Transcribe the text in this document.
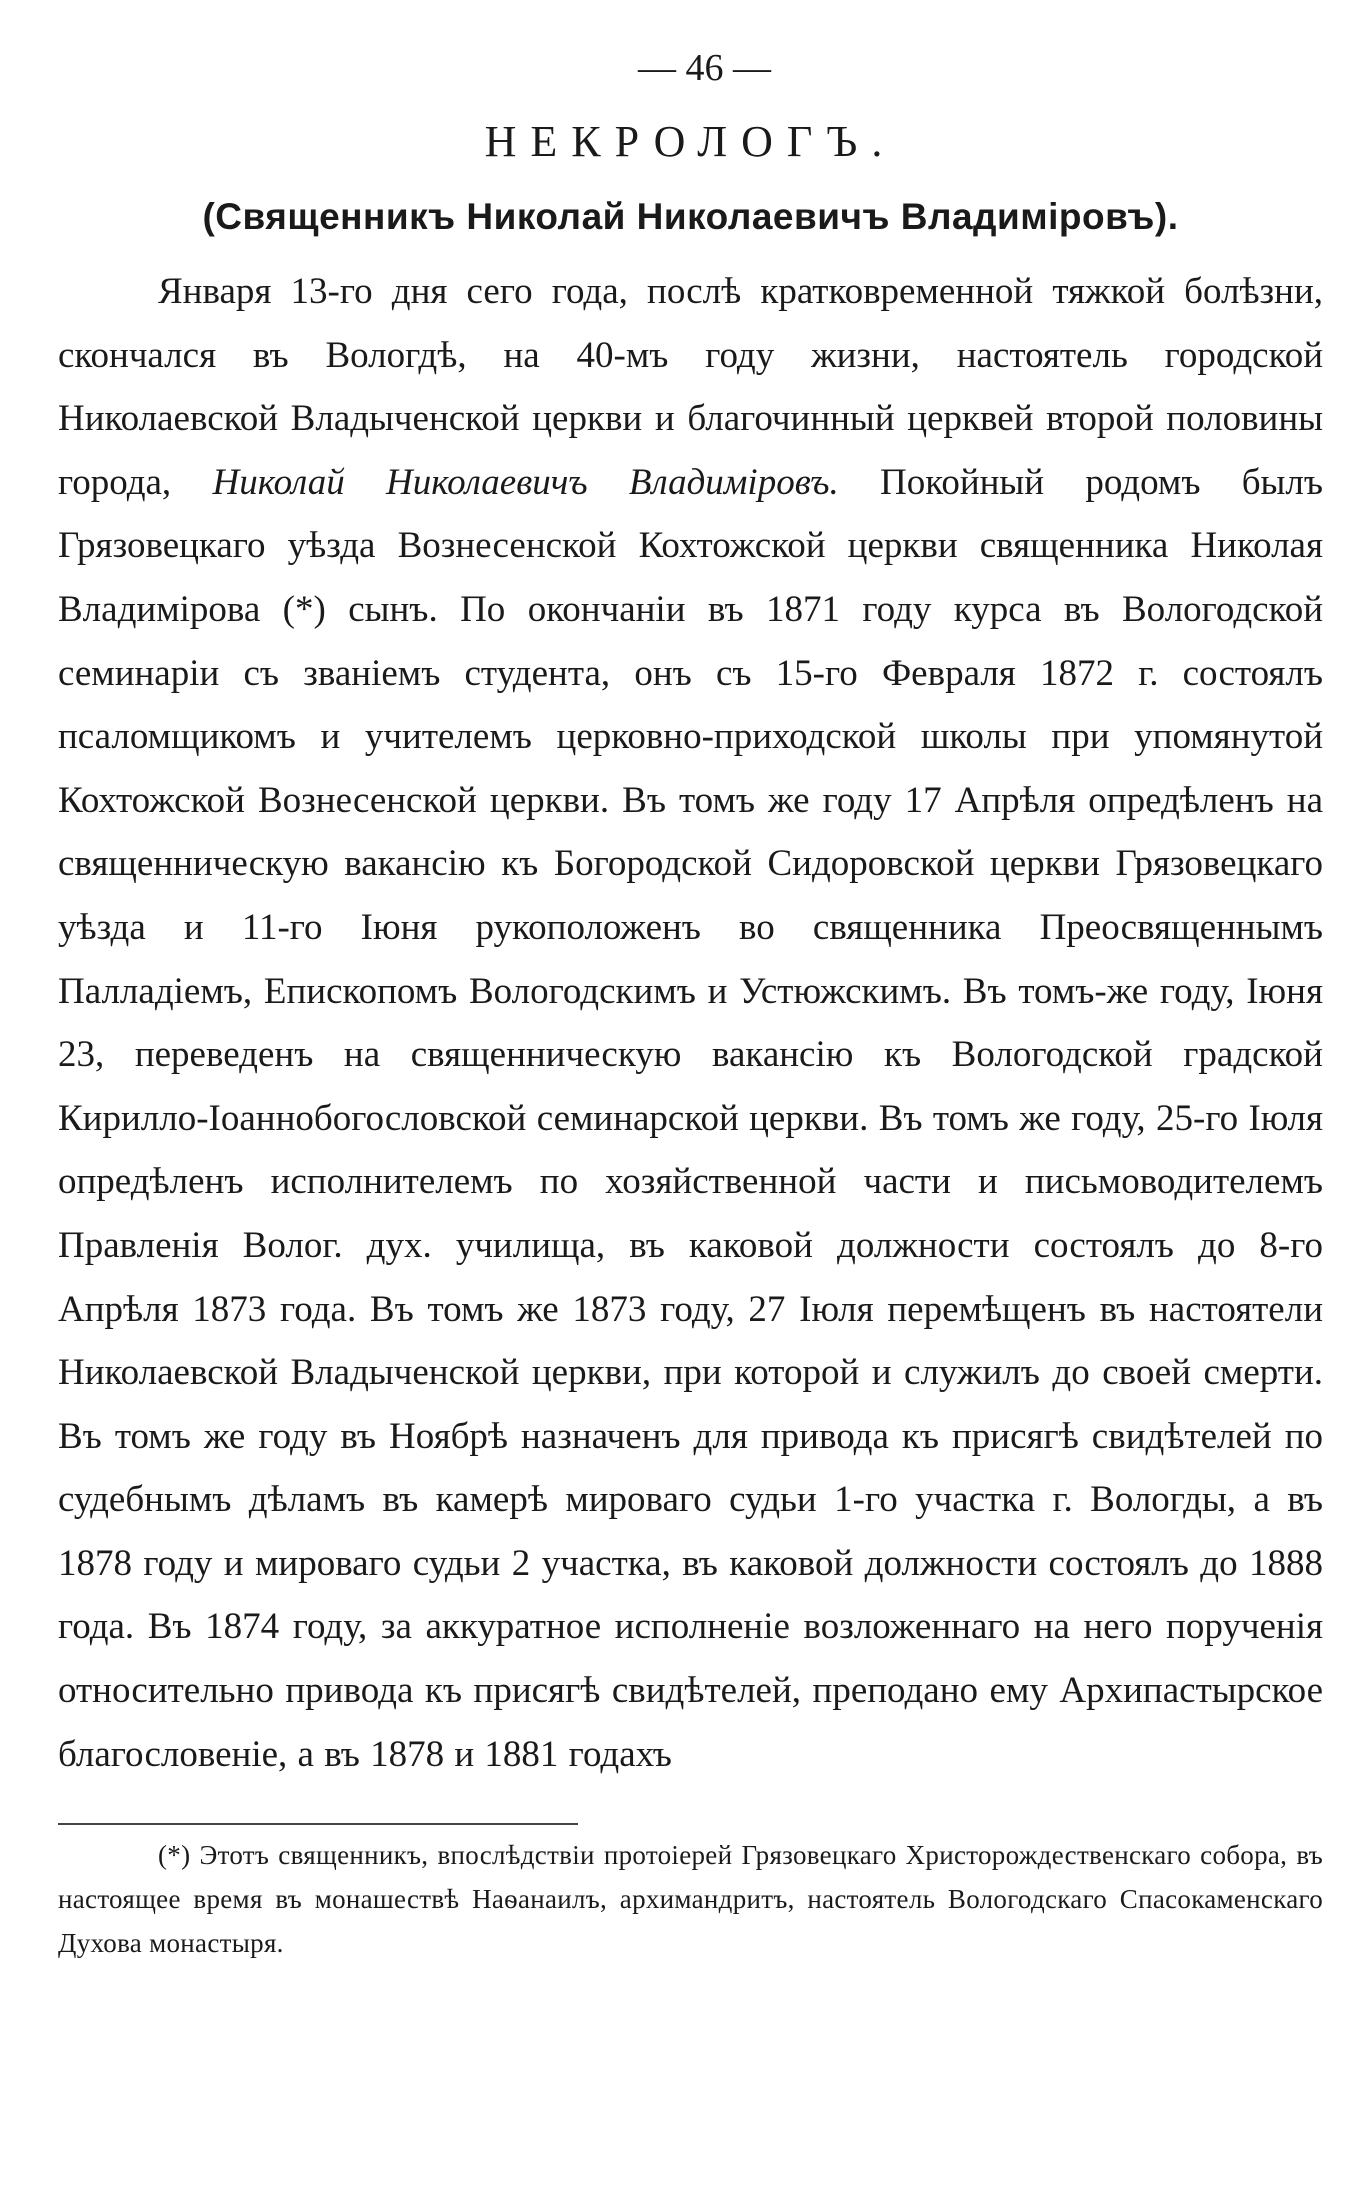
— 46 —
НЕКРОЛОГЪ.
(Священникъ Николай Николаевичъ Владиміровъ).

Января 13-го дня сего года, послѣ кратковременной тяжкой болѣзни, скончался въ Вологдѣ, на 40-мъ году жизни, настоятель городской Николаевской Владыченской церкви и благочинный церквей второй половины города, Николай Николаевичъ Владиміровъ. Покойный родомъ былъ Грязовецкаго уѣзда Вознесенской Кохтожской церкви священника Николая Владимірова (*) сынъ. По окончаніи въ 1871 году курса въ Вологодской семинаріи съ званіемъ студента, онъ съ 15-го Февраля 1872 г. состоялъ псаломщикомъ и учителемъ церковно-приходской школы при упомянутой Кохтожской Вознесенской церкви. Въ томъ же году 17 Апрѣля опредѣленъ на священническую вакансію къ Богородской Сидоровской церкви Грязовецкаго уѣзда и 11-го Іюня рукоположенъ во священника Преосвященнымъ Палладіемъ, Епископомъ Вологодскимъ и Устюжскимъ. Въ томъ-же году, Іюня 23, переведенъ на священническую вакансію къ Вологодской градской Кирилло-Іоаннобогословской семинарской церкви. Въ томъ же году, 25-го Іюля опредѣленъ исполнителемъ по хозяйственной части и письмоводителемъ Правленія Волог. дух. училища, въ каковой должности состоялъ до 8-го Апрѣля 1873 года. Въ томъ же 1873 году, 27 Іюля перемѣщенъ въ настоятели Николаевской Владыченской церкви, при которой и служилъ до своей смерти. Въ томъ же году въ Ноябрѣ назначенъ для привода къ присягѣ свидѣтелей по судебнымъ дѣламъ въ камерѣ мироваго судьи 1-го участка г. Вологды, а въ 1878 году и мироваго судьи 2 участка, въ каковой должности состоялъ до 1888 года. Въ 1874 году, за аккуратное исполненіе возложеннаго на него порученія относительно привода къ присягѣ свидѣтелей, преподано ему Архипастырское благословеніе, а въ 1878 и 1881 годахъ

(*) Этотъ священникъ, впослѣдствіи протоіерей Грязовецкаго Христорождественскаго собора, въ настоящее время въ монашествѣ Наѳанаилъ, архимандритъ, настоятель Вологодскаго Спасокаменскаго Духова монастыря.
